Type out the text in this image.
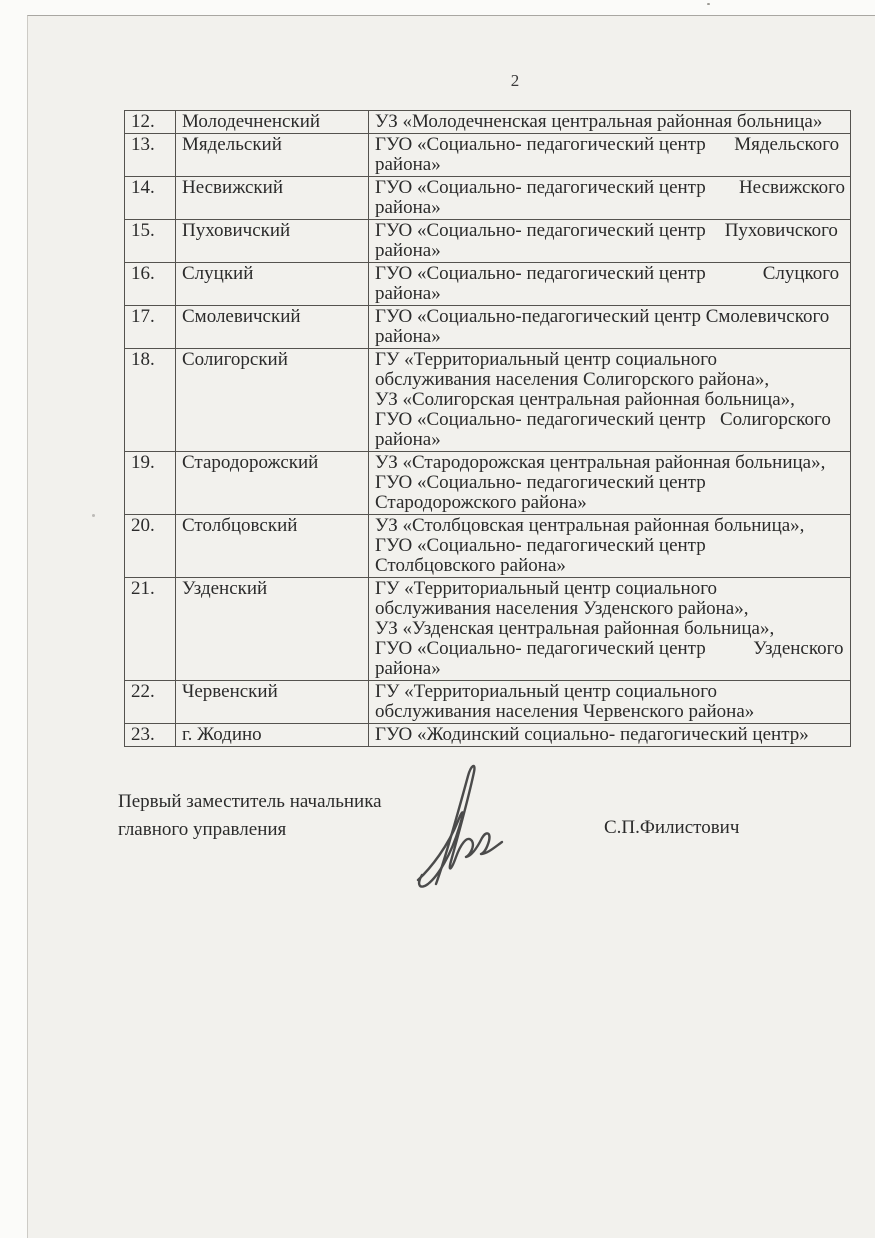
2
12.	Молодечненский	УЗ «Молодечненская центральная районная больница»

13.	Мядельский	ГУО «Социально- педагогический центр      Мядельского
района»

14.	Несвижский	ГУО «Социально- педагогический центр       Несвижского
района»

15.	Пуховичский	ГУО «Социально- педагогический центр    Пуховичского
района»

16.	Слуцкий	ГУО «Социально- педагогический центр            Слуцкого
района»

17.	Смолевичский	ГУО «Социально-педагогический центр Смолевичского
района»

18.	Солигорский	ГУ «Территориальный центр социального
обслуживания населения Солигорского района»,
УЗ «Солигорская центральная районная больница»,
ГУО «Социально- педагогический центр   Солигорского
района»

19.	Стародорожский	УЗ «Стародорожская центральная районная больница»,
ГУО «Социально- педагогический центр
Стародорожского района»

20.	Столбцовский	УЗ «Столбцовская центральная районная больница»,
ГУО «Социально- педагогический центр
Столбцовского района»

21.	Узденский	ГУ «Территориальный центр социального
обслуживания населения Узденского района»,
УЗ «Узденская центральная районная больница»,
ГУО «Социально- педагогический центр          Узденского
района»

22.	Червенский	ГУ «Территориальный центр социального
обслуживания населения Червенского района»

23.	г. Жодино	ГУО «Жодинский социально- педагогический центр»
Первый заместитель начальника
главного управления	С.П.Филистович
